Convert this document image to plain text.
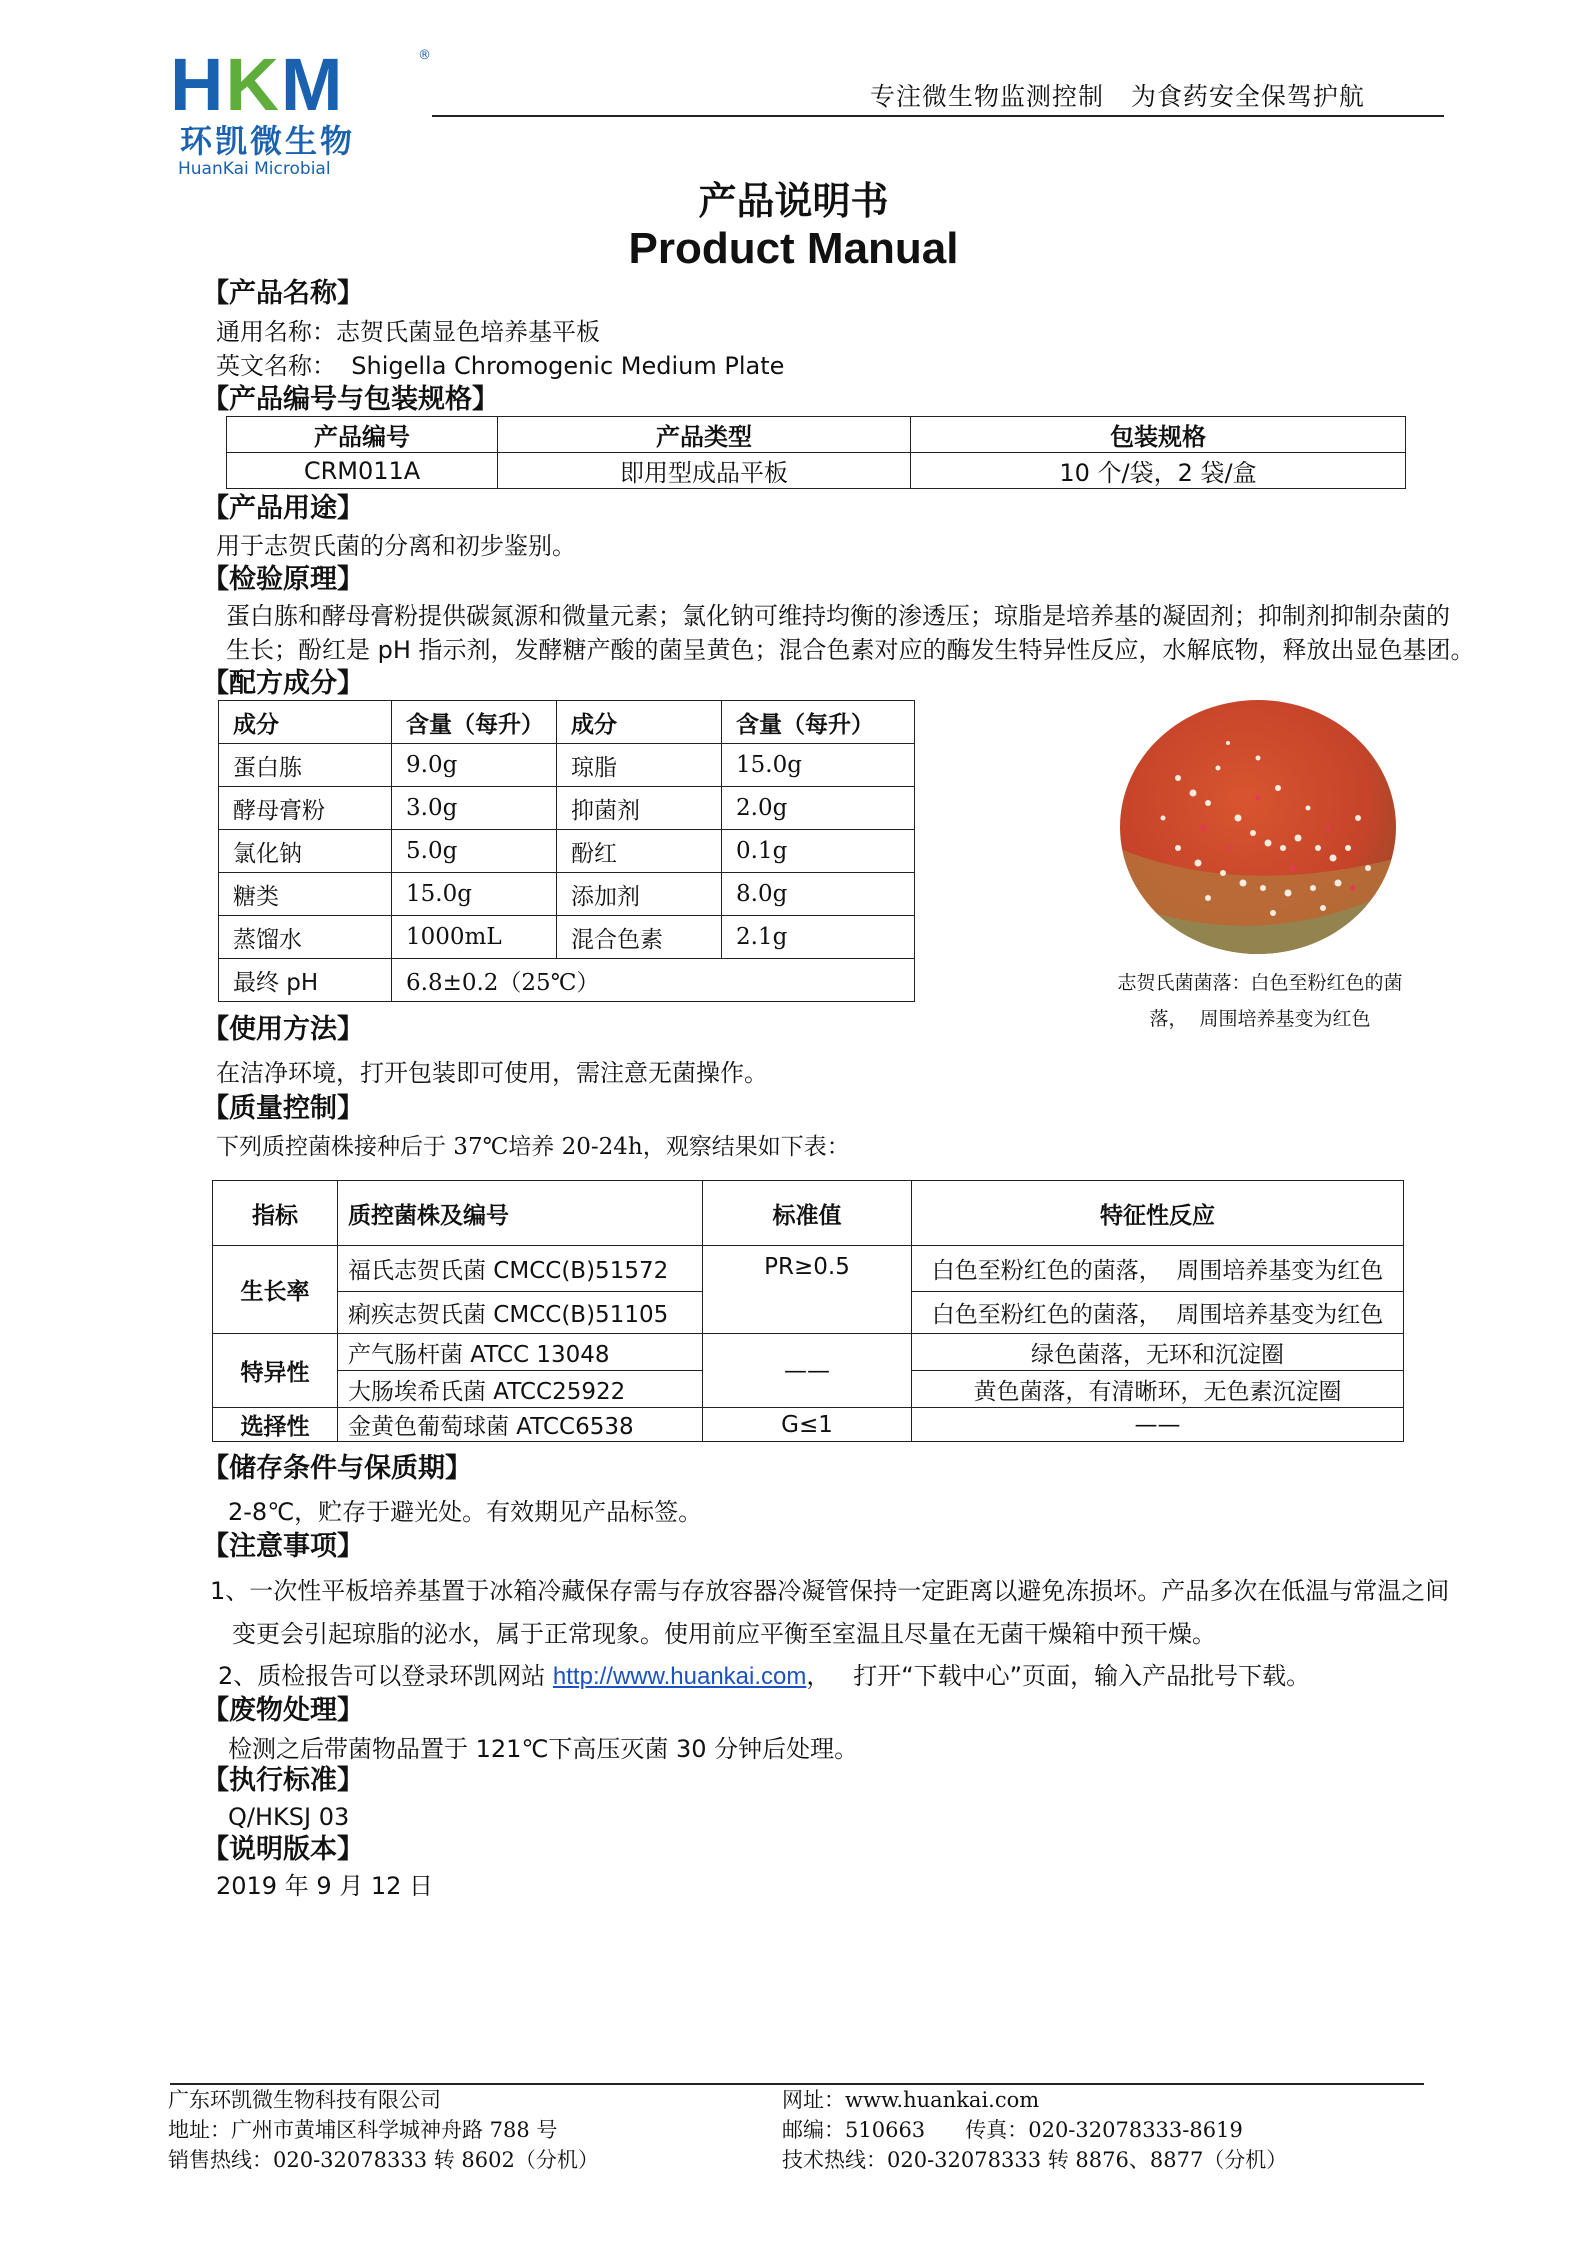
HKM	®
环凯微生物
HuanKai Microbial
专注微生物监测控制   为食药安全保驾护航
产品说明书
Product Manual
【产品名称】
通用名称：志贺氏菌显色培养基平板
英文名称：  Shigella Chromogenic Medium Plate
【产品编号与包装规格】
产品编号	产品类型	包装规格
CRM011A	即用型成品平板	10 个/袋，2 袋/盒
【产品用途】
用于志贺氏菌的分离和初步鉴别。
【检验原理】
蛋白胨和酵母膏粉提供碳氮源和微量元素；氯化钠可维持均衡的渗透压；琼脂是培养基的凝固剂；抑制剂抑制杂菌的
生长；酚红是 pH 指示剂，发酵糖产酸的菌呈黄色；混合色素对应的酶发生特异性反应，水解底物，释放出显色基团。
【配方成分】
成分	含量（每升）	成分	含量（每升）
蛋白胨	9.0g	琼脂	15.0g
酵母膏粉	3.0g	抑菌剂	2.0g
氯化钠	5.0g	酚红	0.1g
糖类	15.0g	添加剂	8.0g
蒸馏水	1000mL	混合色素	2.1g
最终 pH	6.8±0.2（25℃）			志贺氏菌菌落：白色至粉红色的菌
落，  周围培养基变为红色
【使用方法】
在洁净环境，打开包装即可使用，需注意无菌操作。
【质量控制】
下列质控菌株接种后于 37℃培养 20-24h，观察结果如下表：
指标	质控菌株及编号	标准值	特征性反应
生长率	福氏志贺氏菌 CMCC(B)51572	PR≥0.5	白色至粉红色的菌落，  周围培养基变为红色
	痢疾志贺氏菌 CMCC(B)51105		白色至粉红色的菌落，  周围培养基变为红色
特异性	产气肠杆菌 ATCC 13048	——	绿色菌落，无环和沉淀圈
	大肠埃希氏菌 ATCC25922		黄色菌落，有清晰环，无色素沉淀圈
选择性	金黄色葡萄球菌 ATCC6538	G≤1	——
【储存条件与保质期】
2-8℃，贮存于避光处。有效期见产品标签。
【注意事项】
1、一次性平板培养基置于冰箱冷藏保存需与存放容器冷凝管保持一定距离以避免冻损坏。产品多次在低温与常温之间
变更会引起琼脂的泌水，属于正常现象。使用前应平衡至室温且尽量在无菌干燥箱中预干燥。
2、质检报告可以登录环凯网站 http://www.huankai.com，   打开“下载中心”页面，输入产品批号下载。
【废物处理】
检测之后带菌物品置于 121℃下高压灭菌 30 分钟后处理。
【执行标准】
Q/HKSJ 03
【说明版本】
2019 年 9 月 12 日
广东环凯微生物科技有限公司
地址：广州市黄埔区科学城神舟路 788 号
销售热线：020-32078333 转 8602（分机）
网址：www.huankai.com
邮编：510663      传真：020-32078333-8619
技术热线：020-32078333 转 8876、8877（分机）
